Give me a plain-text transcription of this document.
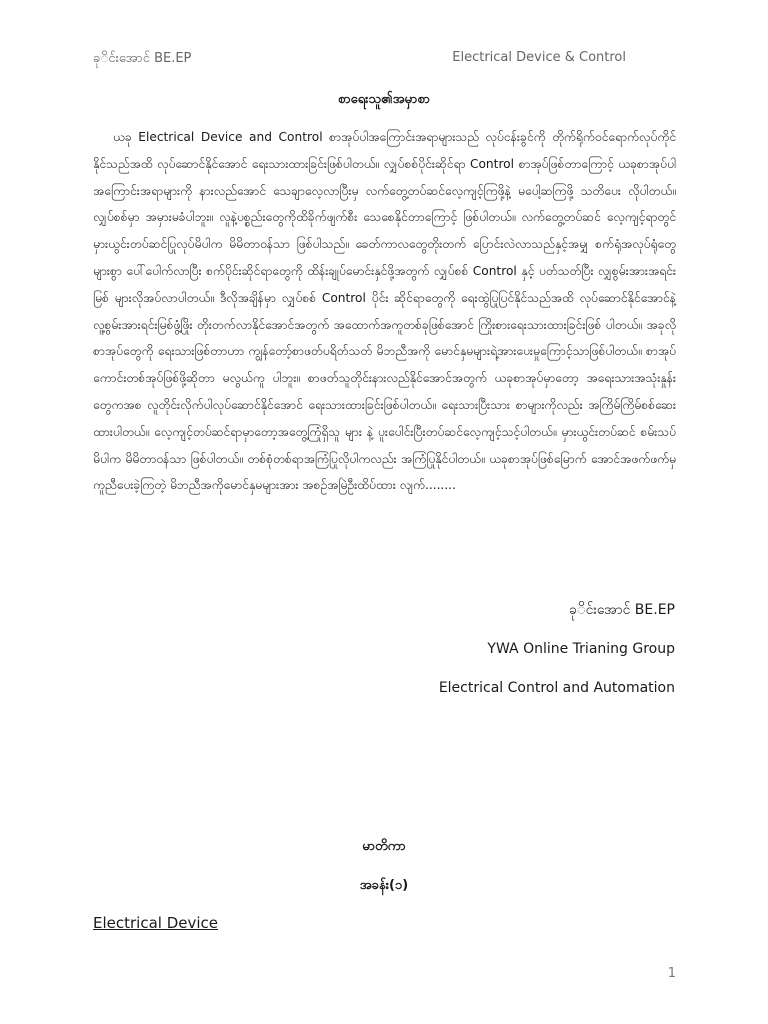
ခုိင်းအောင် BE.EP	Electrical Device & Control
စာရေးသူ၏အမှာစာ

ယခု Electrical Device and Control စာအုပ်ပါအကြောင်းအရာများသည် လုပ်ငန်းခွင်ကို တိုက်ရိုက်ဝင်ရောက်လုပ်ကိုင်နိုင်သည်အထိ လုပ်ဆောင်နိုင်အောင် ရေးသားထားခြင်းဖြစ်ပါတယ်။ လျှပ်စစ်ပိုင်းဆိုင်ရာ Control စာအုပ်ဖြစ်တာကြောင့် ယခုစာအုပ်ပါ အကြောင်းအရာများကို နားလည်အောင် သေချာလေ့လာပြီးမှ လက်တွေ့တပ်ဆင်လေ့ကျင့်ကြဖို့နဲ့ မပေါ့ဆကြဖို့ သတိပေး လိုပါတယ်။ လျှပ်စစ်မှာ အမှားမခံပါဘူး။ လူနဲ့ပစ္စည်းတွေကိုထိခိုက်ဖျက်စီး သေစေနိုင်တာကြောင့် ဖြစ်ပါတယ်။ လက်တွေ့တပ်ဆင် လေ့ကျင့်ရာတွင် မှားယွင်းတပ်ဆင်ပြုလုပ်မိပါက မိမိတာဝန်သာ ဖြစ်ပါသည်။ ခေတ်ကာလတွေတိုးတက် ပြောင်းလဲလာသည်နှင့်အမျှ စက်ရုံအလုပ်ရုံတွေများစွာ ပေါ်ပေါက်လာပြီး စက်ပိုင်းဆိုင်ရာတွေကို ထိန်းချုပ်မောင်းနှင်ဖို့အတွက် လျှပ်စစ် Control နှင့် ပတ်သတ်ပြီး လျှစွမ်းအားအရင်းမြစ် များလိုအပ်လာပါတယ်။ ဒီလိုအချိန်မှာ လျှပ်စစ် Control ပိုင်း ဆိုင်ရာတွေကို ရေးထွဲပြုပြင်နိုင်သည်အထိ လုပ်ဆောင်နိုင်အောင်နဲ့ လူ့စွမ်းအားရင်းမြစ်ဖွံ့ဖြိုး တိုးတက်လာနိုင်အောင်အတွက် အထောက်အကူတစ်ခုဖြစ်အောင် ကြိုးစားရေးသားထားခြင်းဖြစ် ပါတယ်။ အခုလိုစာအုပ်တွေကို ရေးသားဖြစ်တာဟာ ကျွန်တော့်စာဖတ်ပရိတ်သတ် မိဘညီအကို မောင်နှမများရဲ့အားပေးမှုကြောင့်သာဖြစ်ပါတယ်။ စာအုပ်ကောင်းတစ်အုပ်ဖြစ်ဖို့ဆိုတာ မလွယ်ကူ ပါဘူး။ စာဖတ်သူတိုင်းနားလည်နိုင်အောင်အတွက် ယခုစာအုပ်မှာတော့ အရေးသားအသုံးနှုန်း တွေကအစ လူတိုင်းလိုက်ပါလုပ်ဆောင်နိုင်အောင် ရေးသားထားခြင်းဖြစ်ပါတယ်။ ရေးသားပြီးသား စာများကိုလည်း အကြိမ်ကြိမ်စစ်ဆေးထားပါတယ်။ လေ့ကျင့်တပ်ဆင်ရာမှာတော့အတွေ့ကြုံရှိသူ များ နဲ့ ပူးပေါင်းပြီးတပ်ဆင်လေ့ကျင့်သင့်ပါတယ်။ မှားယွင်းတပ်ဆင် စမ်းသပ်မိပါက မိမိတာဝန်သာ ဖြစ်ပါတယ်။ တစ်စုံတစ်ရာအကြံပြုလိုပါကလည်း အကြံပြုနိုင်ပါတယ်။ ယခုစာအုပ်ဖြစ်မြောက် အောင်အဖက်ဖက်မှ ကူညီပေးခဲ့ကြတဲ့ မိဘညီအကိုမောင်နှမများအား အစဉ်အမြဲဦးထိပ်ထား လျက်........

ခုိင်းအောင် BE.EP
YWA Online Trianing Group
Electrical Control and Automation
မာတိကာ
အခန်း(၁)
Electrical Device
1
